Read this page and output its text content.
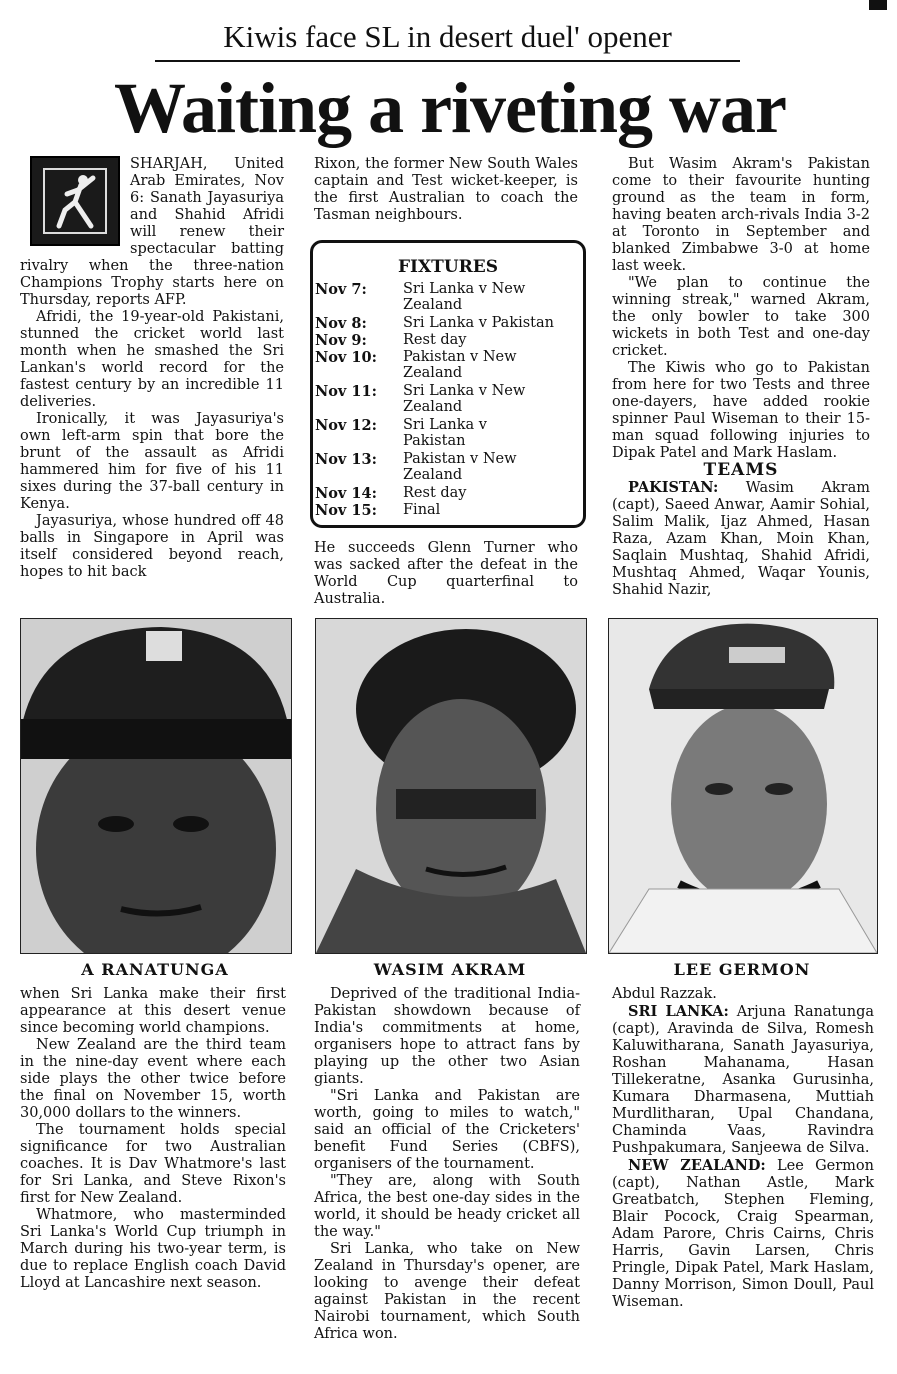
Kiwis face SL in desert duel' opener
Waiting a riveting war

SHARJAH, United Arab Emirates, Nov 6: Sanath Jayasuriya and Shahid Afridi will renew their spectacular batting rivalry when the three-nation Champions Trophy starts here on Thursday, reports AFP.

Afridi, the 19-year-old Pakistani, stunned the cricket world last month when he smashed the Sri Lankan's world record for the fastest century by an incredible 11 deliveries.

Ironically, it was Jayasuriya's own left-arm spin that bore the brunt of the assault as Afridi hammered him for five of his 11 sixes during the 37-ball century in Kenya.

Jayasuriya, whose hundred off 48 balls in Singapore in April was itself considered beyond reach, hopes to hit back

Rixon, the former New South Wales captain and Test wicket-keeper, is the first Australian to coach the Tasman neighbours.

FIXTURES
Nov 7: Sri Lanka v New Zealand
Nov 8: Sri Lanka v Pakistan
Nov 9: Rest day
Nov 10: Pakistan v New Zealand
Nov 11: Sri Lanka v New Zealand
Nov 12: Sri Lanka v Pakistan
Nov 13: Pakistan v New Zealand
Nov 14: Rest day
Nov 15: Final
He succeeds Glenn Turner who was sacked after the defeat in the World Cup quarterfinal to Australia.

But Wasim Akram's Pakistan come to their favourite hunting ground as the team in form, having beaten arch-rivals India 3-2 at Toronto in September and blanked Zimbabwe 3-0 at home last week.

"We plan to continue the winning streak," warned Akram, the only bowler to take 300 wickets in both Test and one-day cricket.

The Kiwis who go to Pakistan from here for two Tests and three one-dayers, have added rookie spinner Paul Wiseman to their 15-man squad following injuries to Dipak Patel and Mark Haslam.

TEAMS

PAKISTAN: Wasim Akram (capt), Saeed Anwar, Aamir Sohial, Salim Malik, Ijaz Ahmed, Hasan Raza, Azam Khan, Moin Khan, Saqlain Mushtaq, Shahid Afridi, Mushtaq Ahmed, Waqar Younis, Shahid Nazir,

A RANATUNGA	WASIM AKRAM	LEE GERMON

when Sri Lanka make their first appearance at this desert venue since becoming world champions.

New Zealand are the third team in the nine-day event where each side plays the other twice before the final on November 15, worth 30,000 dollars to the winners.

The tournament holds special significance for two Australian coaches. It is Dav Whatmore's last for Sri Lanka, and Steve Rixon's first for New Zealand.

Whatmore, who masterminded Sri Lanka's World Cup triumph in March during his two-year term, is due to replace English coach David Lloyd at Lancashire next season.

Deprived of the traditional India-Pakistan showdown because of India's commitments at home, organisers hope to attract fans by playing up the other two Asian giants.

"Sri Lanka and Pakistan are worth, going to miles to watch," said an official of the Cricketers' benefit Fund Series (CBFS), organisers of the tournament.

"They are, along with South Africa, the best one-day sides in the world, it should be heady cricket all the way."

Sri Lanka, who take on New Zealand in Thursday's opener, are looking to avenge their defeat against Pakistan in the recent Nairobi tournament, which South Africa won.

Abdul Razzak.

SRI LANKA: Arjuna Ranatunga (capt), Aravinda de Silva, Romesh Kaluwitharana, Sanath Jayasuriya, Roshan Mahanama, Hasan Tillekeratne, Asanka Gurusinha, Kumara Dharmasena, Muttiah Murdlitharan, Upal Chandana, Chaminda Vaas, Ravindra Pushpakumara, Sanjeewa de Silva.

NEW ZEALAND: Lee Germon (capt), Nathan Astle, Mark Greatbatch, Stephen Fleming, Blair Pocock, Craig Spearman, Adam Parore, Chris Cairns, Chris Harris, Gavin Larsen, Chris Pringle, Dipak Patel, Mark Haslam, Danny Morrison, Simon Doull, Paul Wiseman.
